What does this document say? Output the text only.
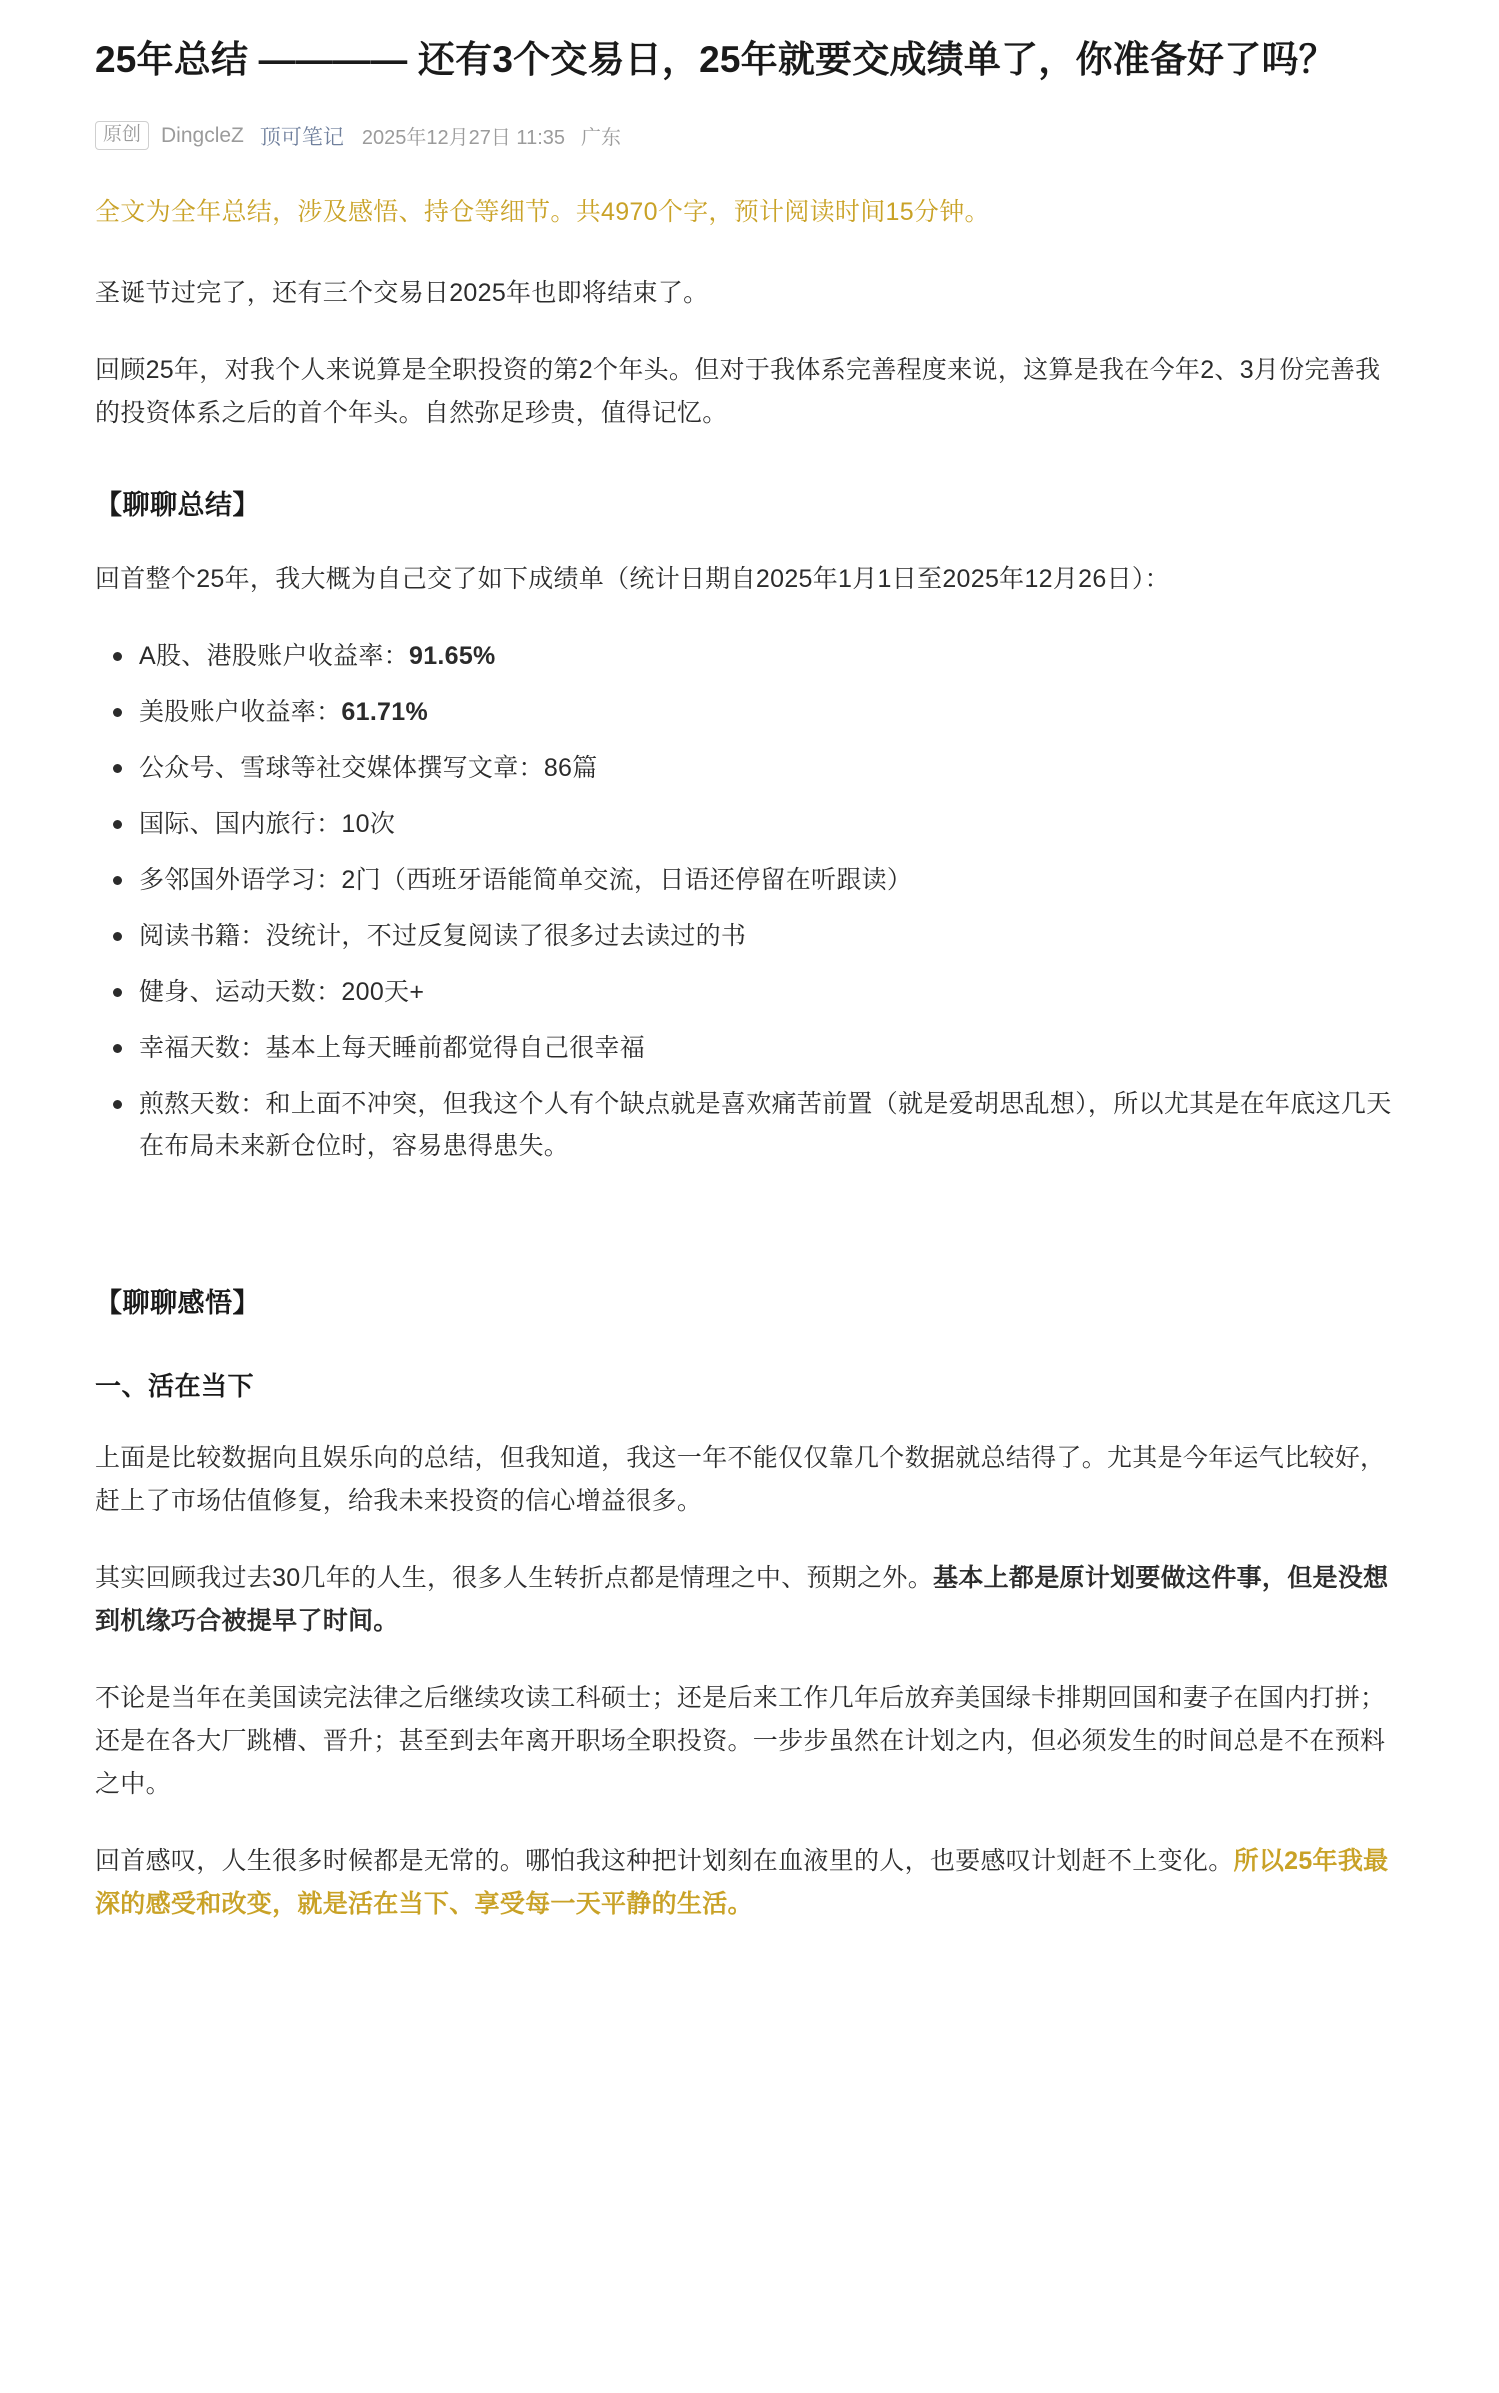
25年总结 ———— 还有3个交易日，25年就要交成绩单了，你准备好了吗？
原创 DingcleZ 顶可笔记 2025年12月27日 11:35 广东

全文为全年总结，涉及感悟、持仓等细节。共4970个字，预计阅读时间15分钟。

圣诞节过完了，还有三个交易日2025年也即将结束了。

回顾25年，对我个人来说算是全职投资的第2个年头。但对于我体系完善程度来说，这算是我在今年2、3月份完善我的投资体系之后的首个年头。自然弥足珍贵，值得记忆。

【聊聊总结】

回首整个25年，我大概为自己交了如下成绩单（统计日期自2025年1月1日至2025年12月26日）：

A股、港股账户收益率：91.65%
美股账户收益率：61.71%
公众号、雪球等社交媒体撰写文章：86篇
国际、国内旅行：10次
多邻国外语学习：2门（西班牙语能简单交流，日语还停留在听跟读）
阅读书籍：没统计，不过反复阅读了很多过去读过的书
健身、运动天数：200天+
幸福天数：基本上每天睡前都觉得自己很幸福
煎熬天数：和上面不冲突，但我这个人有个缺点就是喜欢痛苦前置（就是爱胡思乱想），所以尤其是在年底这几天在布局未来新仓位时，容易患得患失。
【聊聊感悟】
一、活在当下

上面是比较数据向且娱乐向的总结，但我知道，我这一年不能仅仅靠几个数据就总结得了。尤其是今年运气比较好，赶上了市场估值修复，给我未来投资的信心增益很多。

其实回顾我过去30几年的人生，很多人生转折点都是情理之中、预期之外。基本上都是原计划要做这件事，但是没想到机缘巧合被提早了时间。

不论是当年在美国读完法律之后继续攻读工科硕士；还是后来工作几年后放弃美国绿卡排期回国和妻子在国内打拼；还是在各大厂跳槽、晋升；甚至到去年离开职场全职投资。一步步虽然在计划之内，但必须发生的时间总是不在预料之中。

回首感叹，人生很多时候都是无常的。哪怕我这种把计划刻在血液里的人，也要感叹计划赶不上变化。所以25年我最深的感受和改变，就是活在当下、享受每一天平静的生活。
